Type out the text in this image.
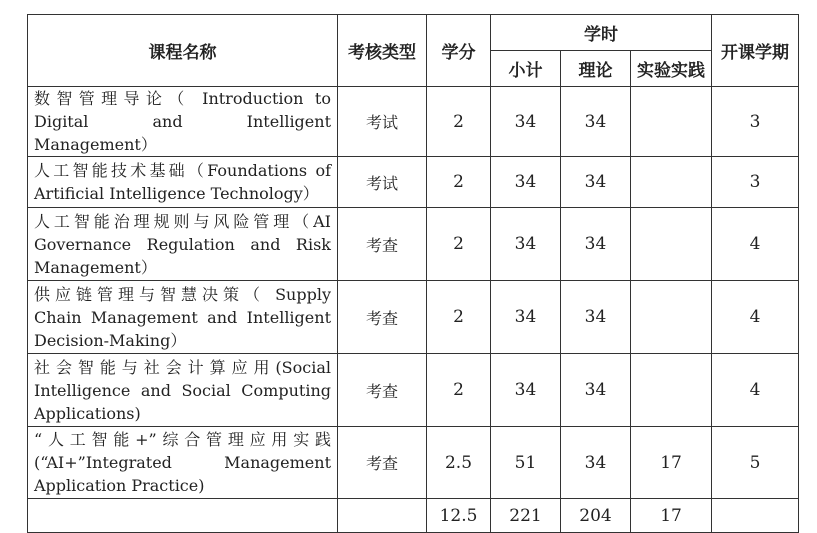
课程名称	考核类型	学分	学时			开课学期
			小计	理论	实验实践	

数智管理导论（ Introduction to
Digital and Intelligent Management）	考试	2	34	34		3

人工智能技术基础（Foundations of
Artificial Intelligence Technology）	考试	2	34	34		3

人工智能治理规则与风险管理（AI
Governance Regulation and Risk
Management）	考查	2	34	34		4

供应链管理与智慧决策（ Supply
Chain Management and Intelligent
Decision-Making）	考查	2	34	34		4

社会智能与社会计算应用(Social
Intelligence and Social Computing
Applications)	考查	2	34	34		4

“人工智能+”综合管理应用实践
(“AI+”Integrated Management
Application Practice)	考查	2.5	51	34	17	5
		12.5	221	204	17	
